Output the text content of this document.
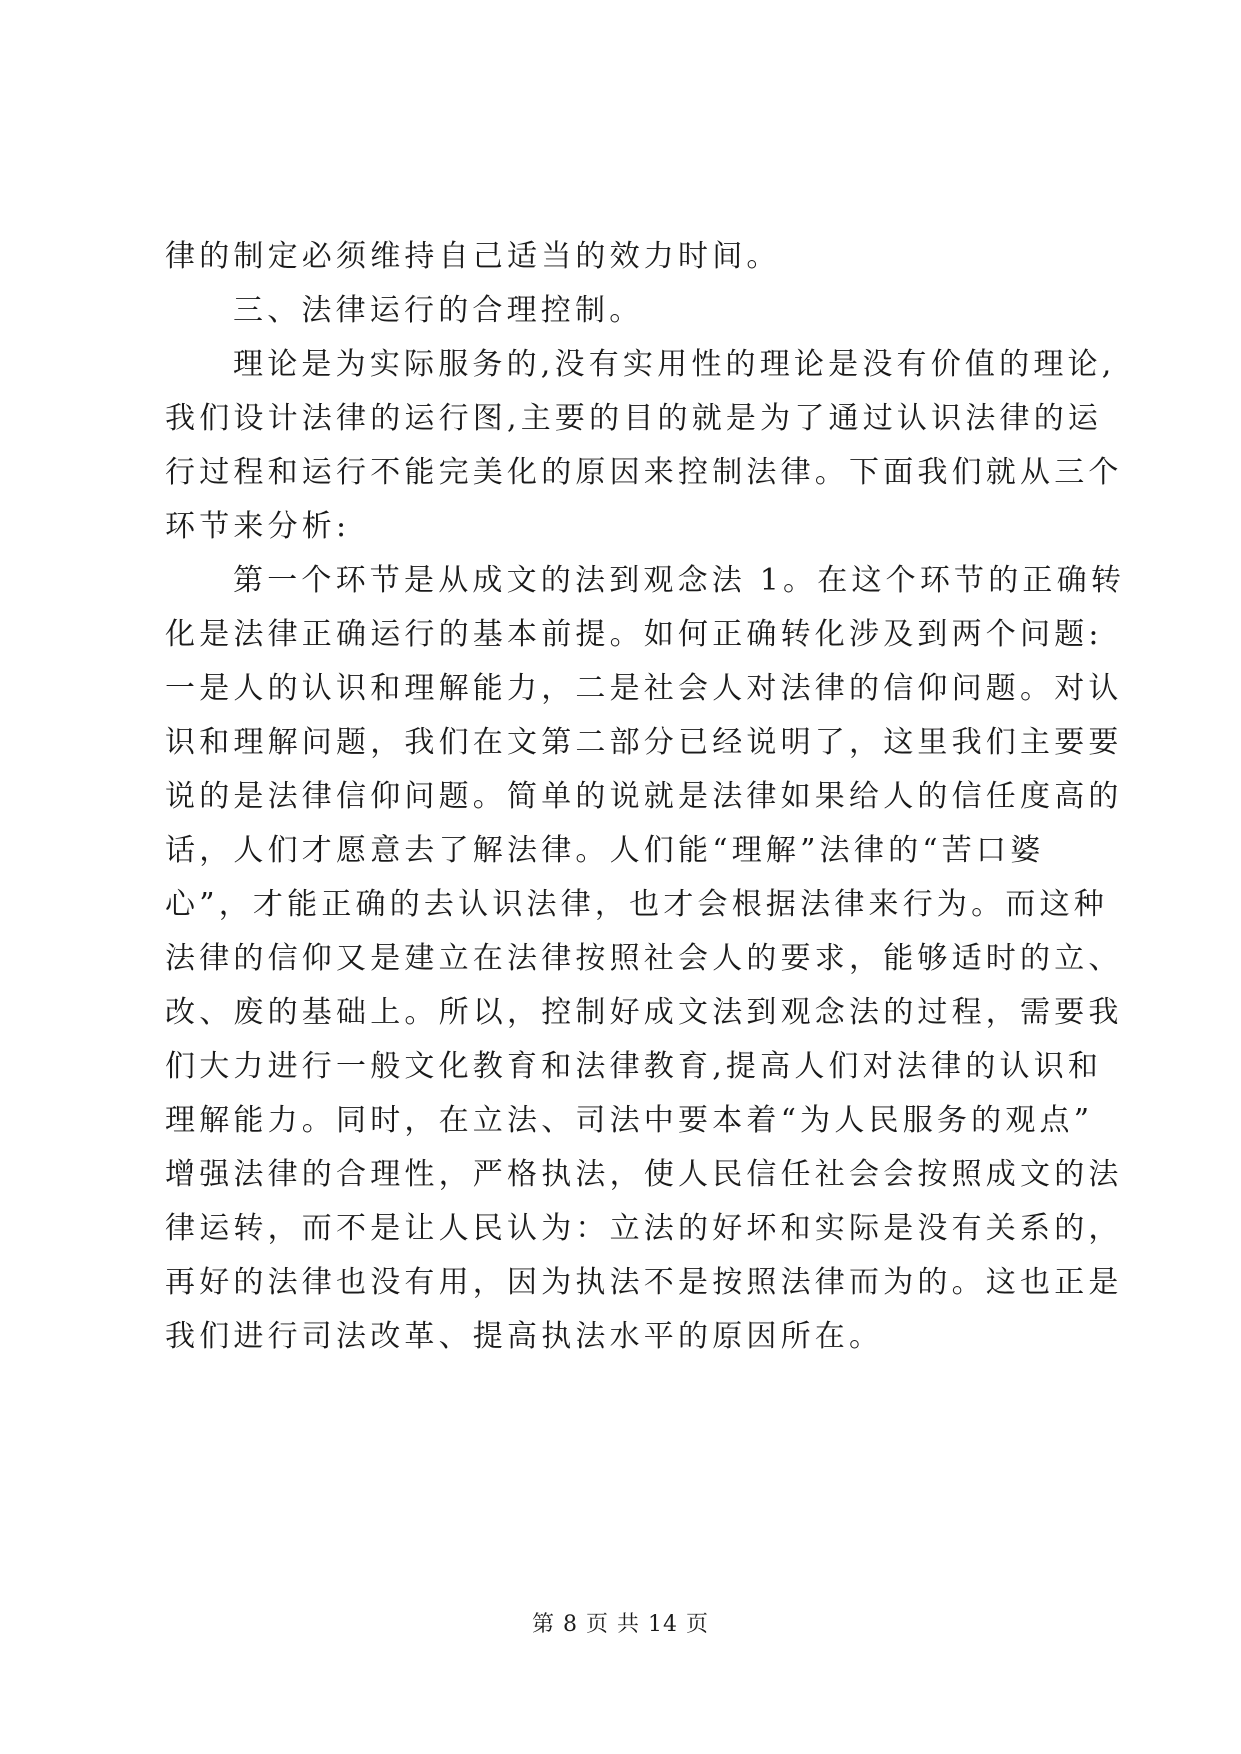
律的制定必须维持自己适当的效力时间。
三、法律运行的合理控制。
理论是为实际服务的,没有实用性的理论是没有价值的理论,
我们设计法律的运行图,主要的目的就是为了通过认识法律的运
行过程和运行不能完美化的原因来控制法律。下面我们就从三个
环节来分析:
第一个环节是从成文的法到观念法 1。在这个环节的正确转
化是法律正确运行的基本前提。如何正确转化涉及到两个问题:
一是人的认识和理解能力，二是社会人对法律的信仰问题。对认
识和理解问题，我们在文第二部分已经说明了，这里我们主要要
说的是法律信仰问题。简单的说就是法律如果给人的信任度高的
话，人们才愿意去了解法律。人们能“理解”法律的“苦口婆
心”，才能正确的去认识法律，也才会根据法律来行为。而这种
法律的信仰又是建立在法律按照社会人的要求，能够适时的立、
改、废的基础上。所以，控制好成文法到观念法的过程，需要我
们大力进行一般文化教育和法律教育,提高人们对法律的认识和
理解能力。同时，在立法、司法中要本着“为人民服务的观点”
增强法律的合理性，严格执法，使人民信任社会会按照成文的法
律运转，而不是让人民认为：立法的好坏和实际是没有关系的，
再好的法律也没有用，因为执法不是按照法律而为的。这也正是
我们进行司法改革、提高执法水平的原因所在。
第 8 页 共 14 页
